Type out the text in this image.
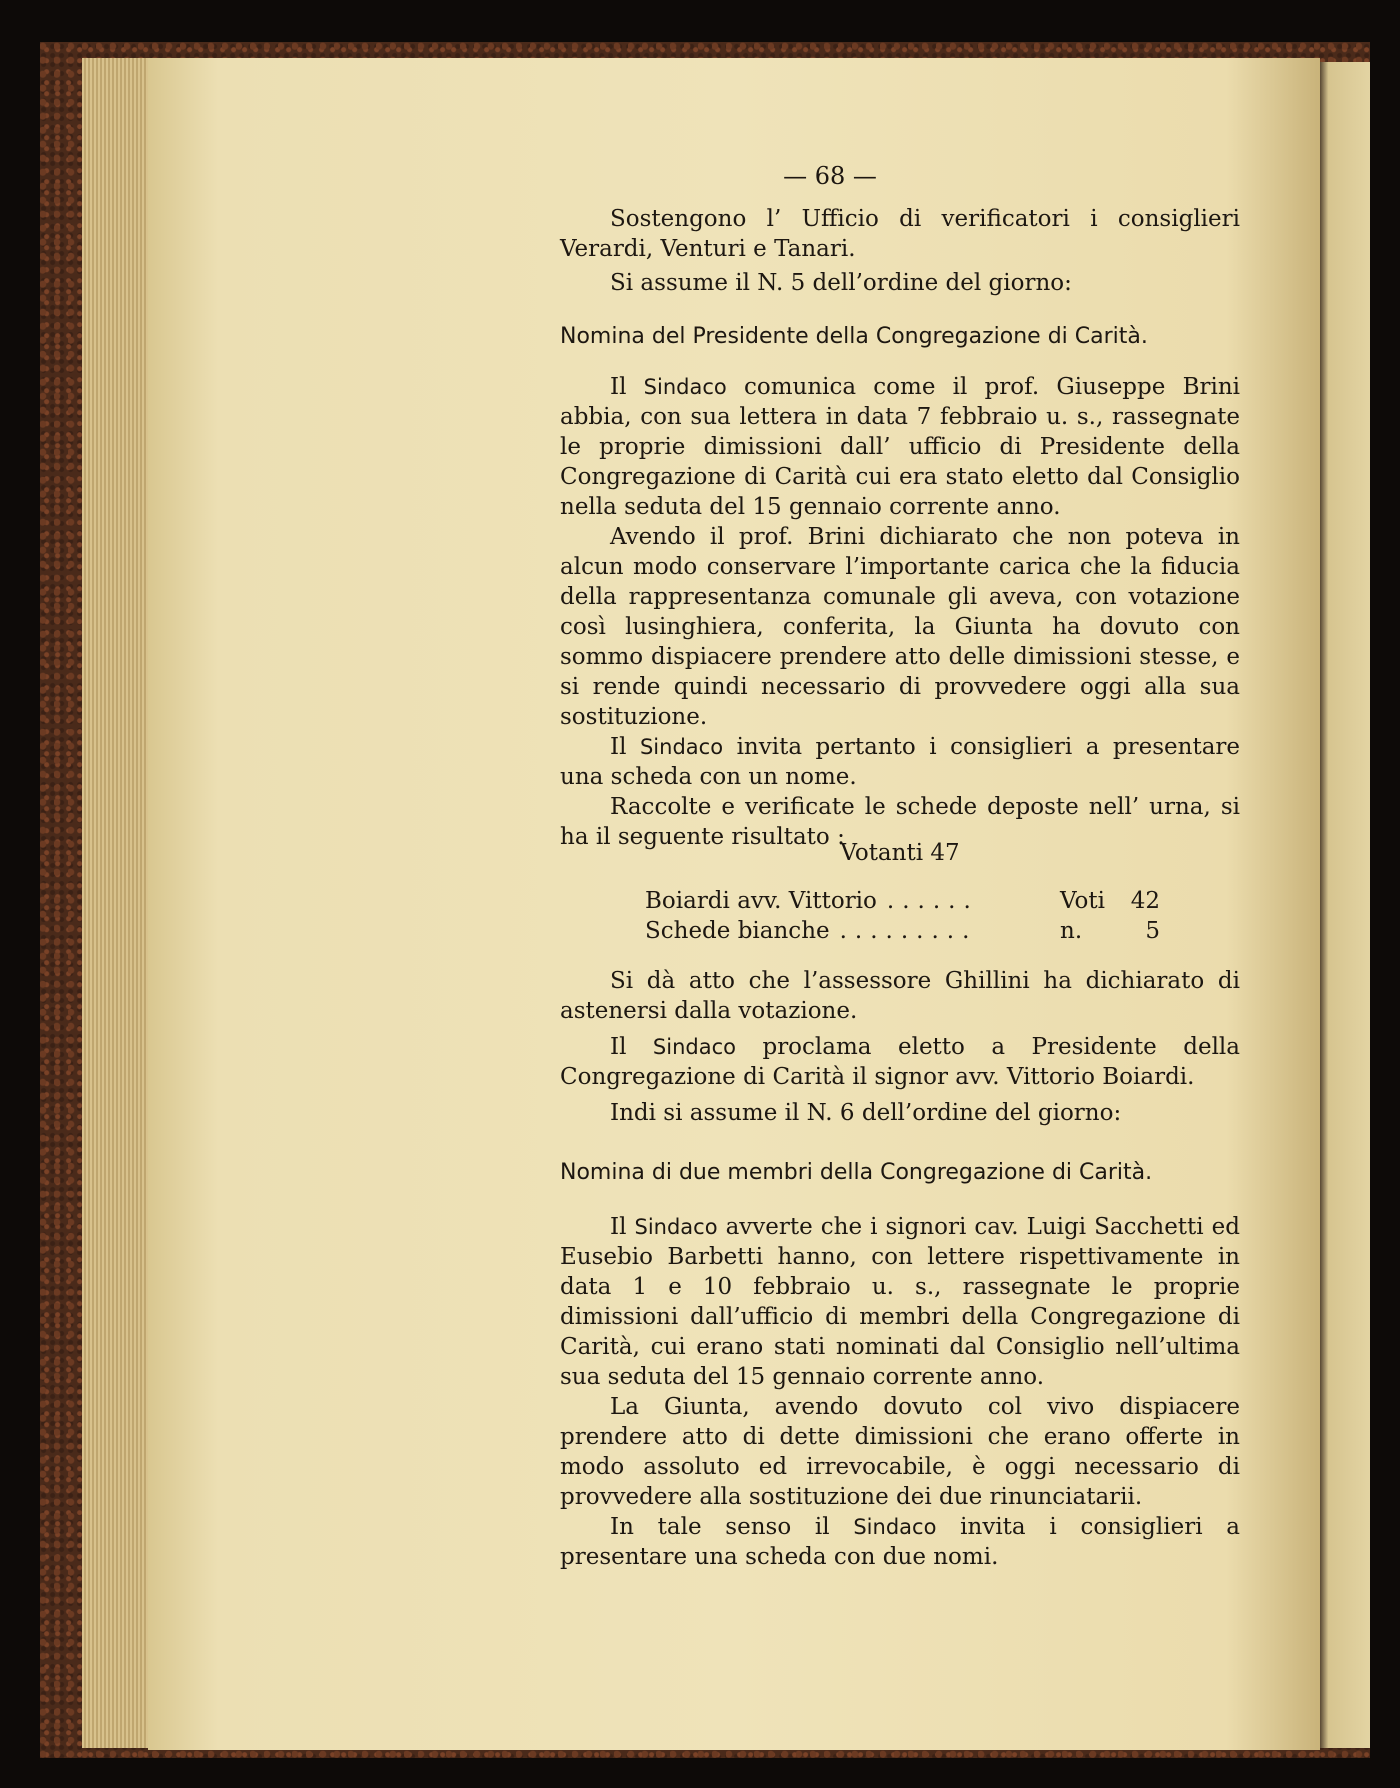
— 68 —

Sostengono l’ Ufficio di verificatori i consiglieri Verardi, Venturi e Tanari.

Si assume il N. 5 dell’ordine del giorno:

Nomina del Presidente della Congregazione di Carità.

Il Sindaco comunica come il prof. Giuseppe Brini abbia, con sua lettera in data 7 febbraio u. s., rassegnate le proprie dimissioni dall’ ufficio di Presidente della Congregazione di Carità cui era stato eletto dal Consiglio nella seduta del 15 gennaio corrente anno.

Avendo il prof. Brini dichiarato che non poteva in alcun modo conservare l’importante carica che la fiducia della rappresentanza comunale gli aveva, con votazione così lusinghiera, conferita, la Giunta ha dovuto con sommo dispiacere prendere atto delle dimissioni stesse, e si rende quindi necessario di provvedere oggi alla sua sostituzione.

Il Sindaco invita pertanto i consiglieri a presentare una scheda con un nome.

Raccolte e verificate le schede deposte nell’ urna, si ha il seguente risultato :

Votanti 47
Boiardi avv. Vittorio ......	Voti	42
Schede bianche .........	n.	5

Si dà atto che l’assessore Ghillini ha dichiarato di astenersi dalla votazione.

Il Sindaco proclama eletto a Presidente della Congregazione di Carità il signor avv. Vittorio Boiardi.

Indi si assume il N. 6 dell’ordine del giorno:

Nomina di due membri della Congregazione di Carità.

Il Sindaco avverte che i signori cav. Luigi Sacchetti ed Eusebio Barbetti hanno, con lettere rispettivamente in data 1 e 10 febbraio u. s., rassegnate le proprie dimissioni dall’ufficio di membri della Congregazione di Carità, cui erano stati nominati dal Consiglio nell’ultima sua seduta del 15 gennaio corrente anno.

La Giunta, avendo dovuto col vivo dispiacere prendere atto di dette dimissioni che erano offerte in modo assoluto ed irrevocabile, è oggi necessario di provvedere alla sostituzione dei due rinunciatarii.

In tale senso il Sindaco invita i consiglieri a presentare una scheda con due nomi.
